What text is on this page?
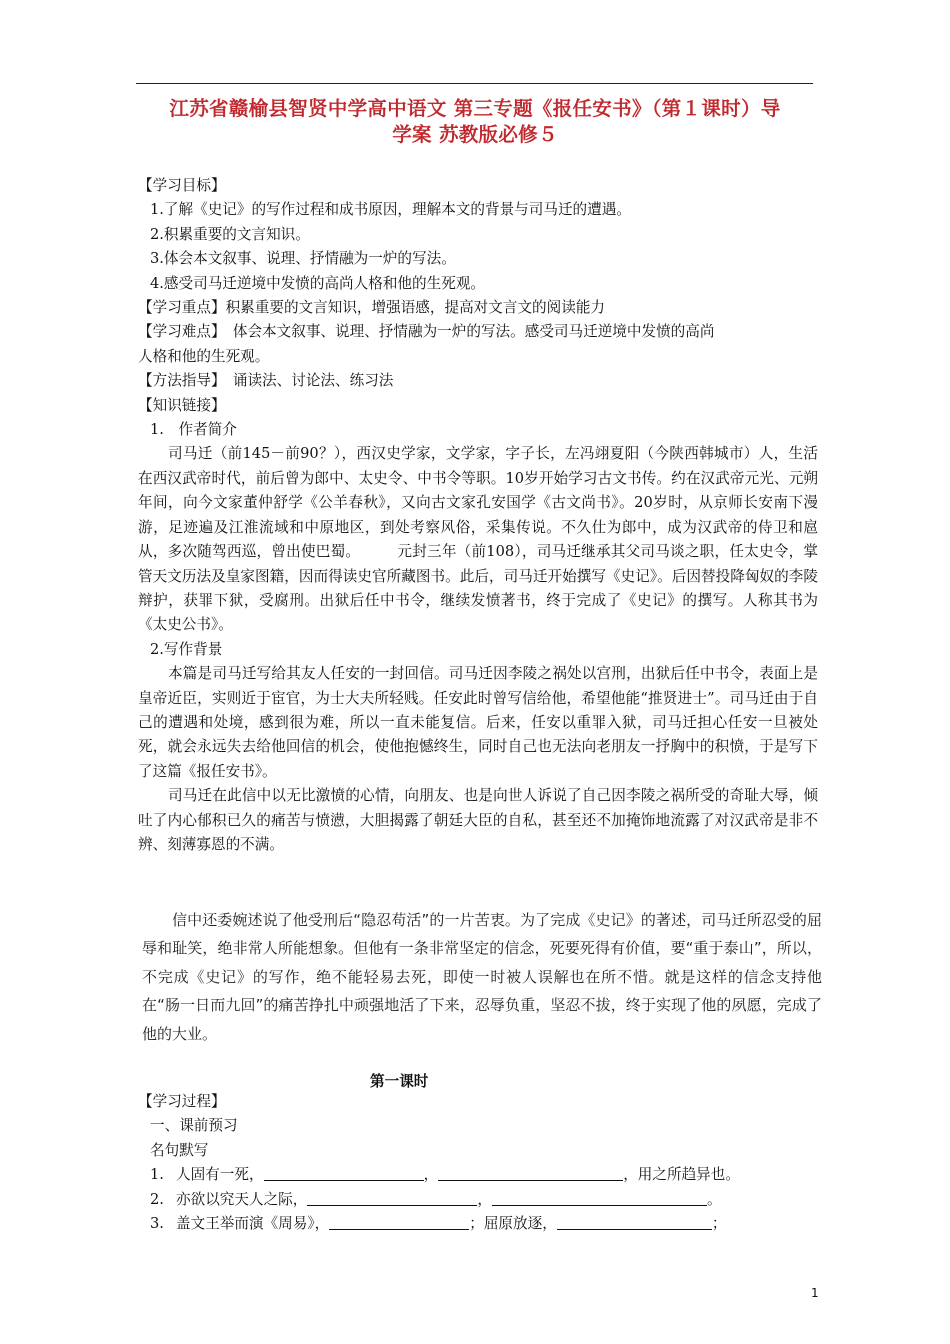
江苏省赣榆县智贤中学高中语文 第三专题《报任安书》（第１课时）导
学案 苏教版必修５

【学习目标】

1.了解《史记》的写作过程和成书原因，理解本文的背景与司马迁的遭遇。

2.积累重要的文言知识。

3.体会本文叙事、说理、抒情融为一炉的写法。

4.感受司马迁逆境中发愤的高尚人格和他的生死观。

【学习重点】积累重要的文言知识，增强语感，提高对文言文的阅读能力

【学习难点】　体会本文叙事、说理、抒情融为一炉的写法。感受司马迁逆境中发愤的高尚

人格和他的生死观。

【方法指导】　诵读法、讨论法、练习法

【知识链接】

1.　作者简介

司马迁（前145－前90？），西汉史学家，文学家，字子长，左冯翊夏阳（今陕西韩城市）人，生活在西汉武帝时代，前后曾为郎中、太史令、中书令等职。10岁开始学习古文书传。约在汉武帝元光、元朔年间，向今文家董仲舒学《公羊春秋》，又向古文家孔安国学《古文尚书》。20岁时，从京师长安南下漫游，足迹遍及江淮流域和中原地区，到处考察风俗，采集传说。不久仕为郎中，成为汉武帝的侍卫和扈从，多次随驾西巡，曾出使巴蜀。　　　元封三年（前108），司马迁继承其父司马谈之职，任太史令，掌管天文历法及皇家图籍，因而得读史官所藏图书。此后，司马迁开始撰写《史记》。后因替投降匈奴的李陵辩护，获罪下狱，受腐刑。出狱后任中书令，继续发愤著书，终于完成了《史记》的撰写。人称其书为《太史公书》。

2.写作背景

本篇是司马迁写给其友人任安的一封回信。司马迁因李陵之祸处以宫刑，出狱后任中书令，表面上是皇帝近臣，实则近于宦官，为士大夫所轻贱。任安此时曾写信给他，希望他能“推贤进士”。司马迁由于自己的遭遇和处境，感到很为难，所以一直未能复信。后来，任安以重罪入狱，司马迁担心任安一旦被处死，就会永远失去给他回信的机会，使他抱憾终生，同时自己也无法向老朋友一抒胸中的积愤，于是写下了这篇《报任安书》。

司马迁在此信中以无比激愤的心情，向朋友、也是向世人诉说了自己因李陵之祸所受的奇耻大辱，倾吐了内心郁积已久的痛苦与愤懑，大胆揭露了朝廷大臣的自私，甚至还不加掩饰地流露了对汉武帝是非不辨、刻薄寡恩的不满。

信中还委婉述说了他受刑后“隐忍苟活”的一片苦衷。为了完成《史记》的著述，司马迁所忍受的屈辱和耻笑，绝非常人所能想象。但他有一条非常坚定的信念，死要死得有价值，要“重于泰山”，所以，不完成《史记》的写作，绝不能轻易去死，即使一时被人误解也在所不惜。就是这样的信念支持他在“肠一日而九回”的痛苦挣扎中顽强地活了下来，忍辱负重，坚忍不拔，终于实现了他的夙愿，完成了他的大业。

第一课时

【学习过程】

一、课前预习

名句默写

1. 人固有一死，	，	，用之所趋异也。

2. 亦欲以究天人之际，	，	。

3. 盖文王举而演《周易》，	；屈原放逐，	；

1
